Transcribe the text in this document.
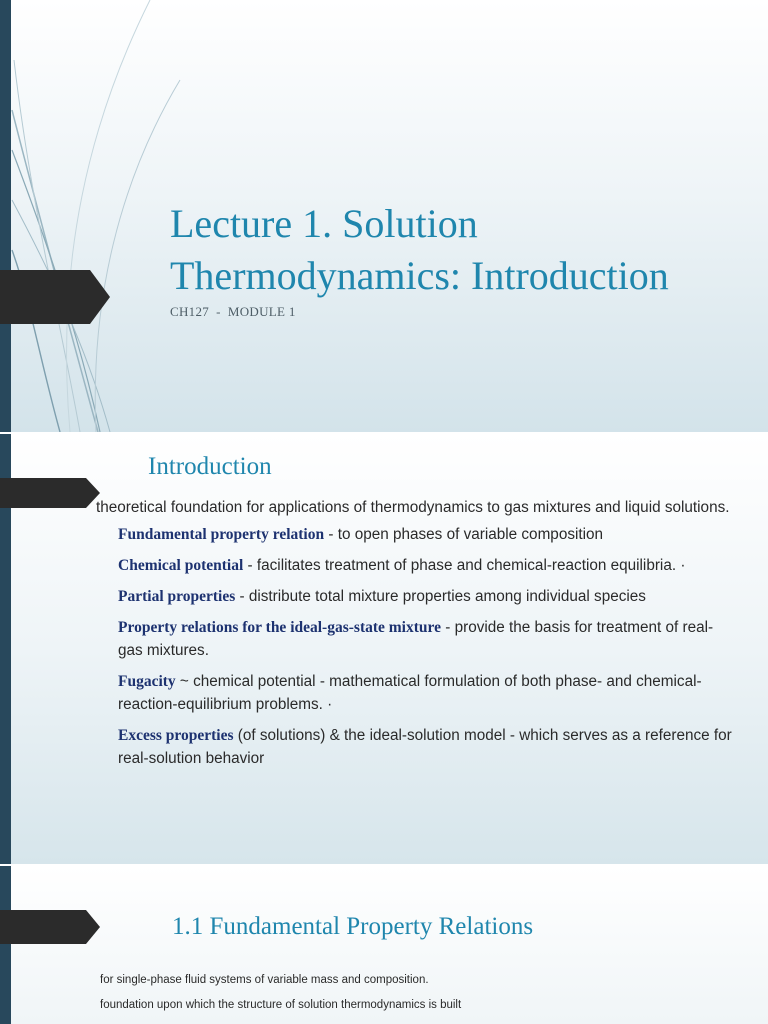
Lecture 1. Solution
Thermodynamics: Introduction
CH127  -  MODULE 1
Introduction

theoretical foundation for applications of thermodynamics to gas mixtures and liquid solutions.

Fundamental property relation - to open phases of variable composition
Chemical potential - facilitates treatment of phase and chemical-reaction equilibria. ·
Partial properties - distribute total mixture properties among individual species
Property relations for the ideal-gas-state mixture - provide the basis for treatment of real-gas mixtures.
Fugacity ~ chemical potential - mathematical formulation of both phase- and chemical-reaction-equilibrium problems. ·
Excess properties (of solutions) & the ideal-solution model - which serves as a reference for real-solution behavior
1.1 Fundamental Property Relations
for single-phase fluid systems of variable mass and composition.
foundation upon which the structure of solution thermodynamics is built
